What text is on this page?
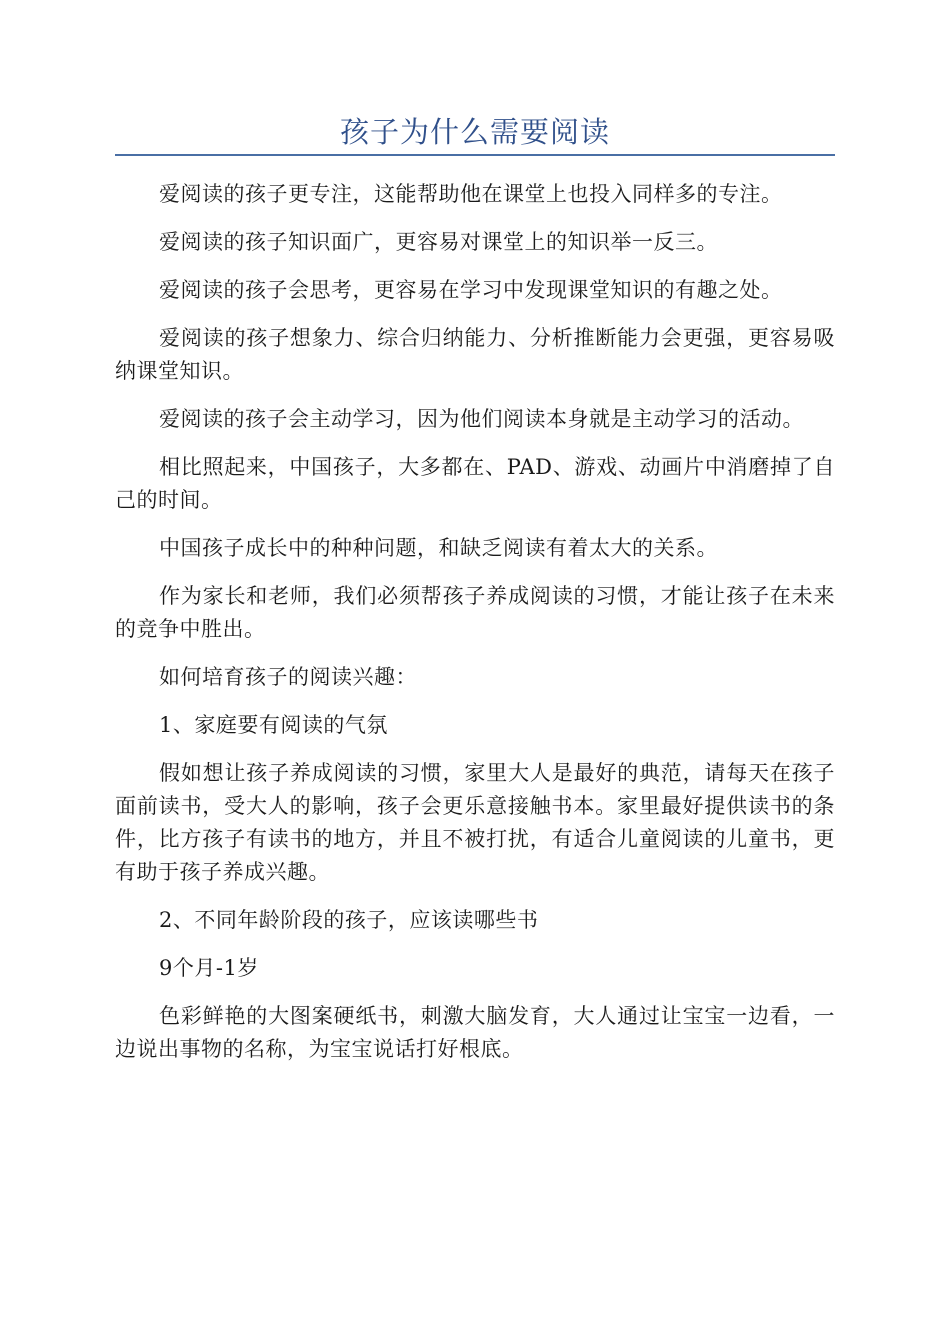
孩子为什么需要阅读

爱阅读的孩子更专注，这能帮助他在课堂上也投入同样多的专注。

爱阅读的孩子知识面广，更容易对课堂上的知识举一反三。

爱阅读的孩子会思考，更容易在学习中发现课堂知识的有趣之处。

爱阅读的孩子想象力、综合归纳能力、分析推断能力会更强，更容易吸纳课堂知识。

爱阅读的孩子会主动学习，因为他们阅读本身就是主动学习的活动。

相比照起来，中国孩子，大多都在、PAD、游戏、动画片中消磨掉了自己的时间。

中国孩子成长中的种种问题，和缺乏阅读有着太大的关系。

作为家长和老师，我们必须帮孩子养成阅读的习惯，才能让孩子在未来的竞争中胜出。

如何培育孩子的阅读兴趣：

1、家庭要有阅读的气氛

假如想让孩子养成阅读的习惯，家里大人是最好的典范，请每天在孩子面前读书，受大人的影响，孩子会更乐意接触书本。家里最好提供读书的条件，比方孩子有读书的地方，并且不被打扰，有适合儿童阅读的儿童书，更有助于孩子养成兴趣。

2、不同年龄阶段的孩子，应该读哪些书

9个月-1岁

色彩鲜艳的大图案硬纸书，刺激大脑发育，大人通过让宝宝一边看，一边说出事物的名称，为宝宝说话打好根底。
